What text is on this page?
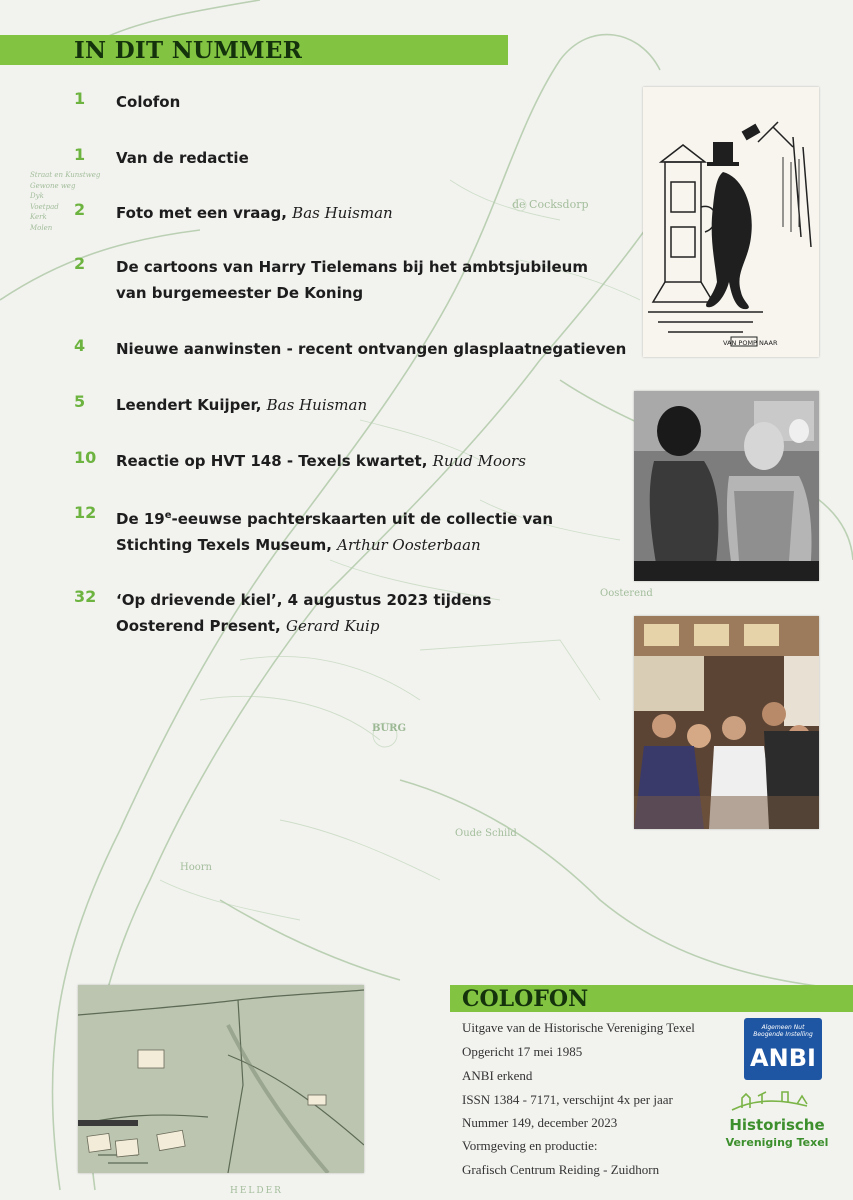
de Cocksdorp
BURG
Oosterend
Hoorn
Oude Schild
HELDER
Straat en Kunstweg
Gewone weg
Dyk
Voetpad
Kerk
Molen
IN DIT NUMMER
1	Colofon
1	Van de redactie
2	Foto met een vraag, Bas Huisman
2	De cartoons van Harry Tielemans bij het ambtsjubileum
van burgemeester De Koning
4	Nieuwe aanwinsten - recent ontvangen glasplaatnegatieven
5	Leendert Kuijper, Bas Huisman
10	Reactie op HVT 148 - Texels kwartet, Ruud Moors
12	De 19e-eeuwse pachterskaarten uit de collectie van
Stichting Texels Museum, Arthur Oosterbaan
32	‘Op drievende kiel’, 4 augustus 2023 tijdens
Oosterend Present, Gerard Kuip
VAN POMP NAAR
COLOFON
Uitgave van de Historische Vereniging Texel
Opgericht 17 mei 1985
ANBI erkend
ISSN 1384 - 7171, verschijnt 4x per jaar
Nummer 149, december 2023
Vormgeving en productie:
Grafisch Centrum Reiding - Zuidhorn
Algemeen Nut
Beogende Instelling
ANBI
Historische
Vereniging Texel
